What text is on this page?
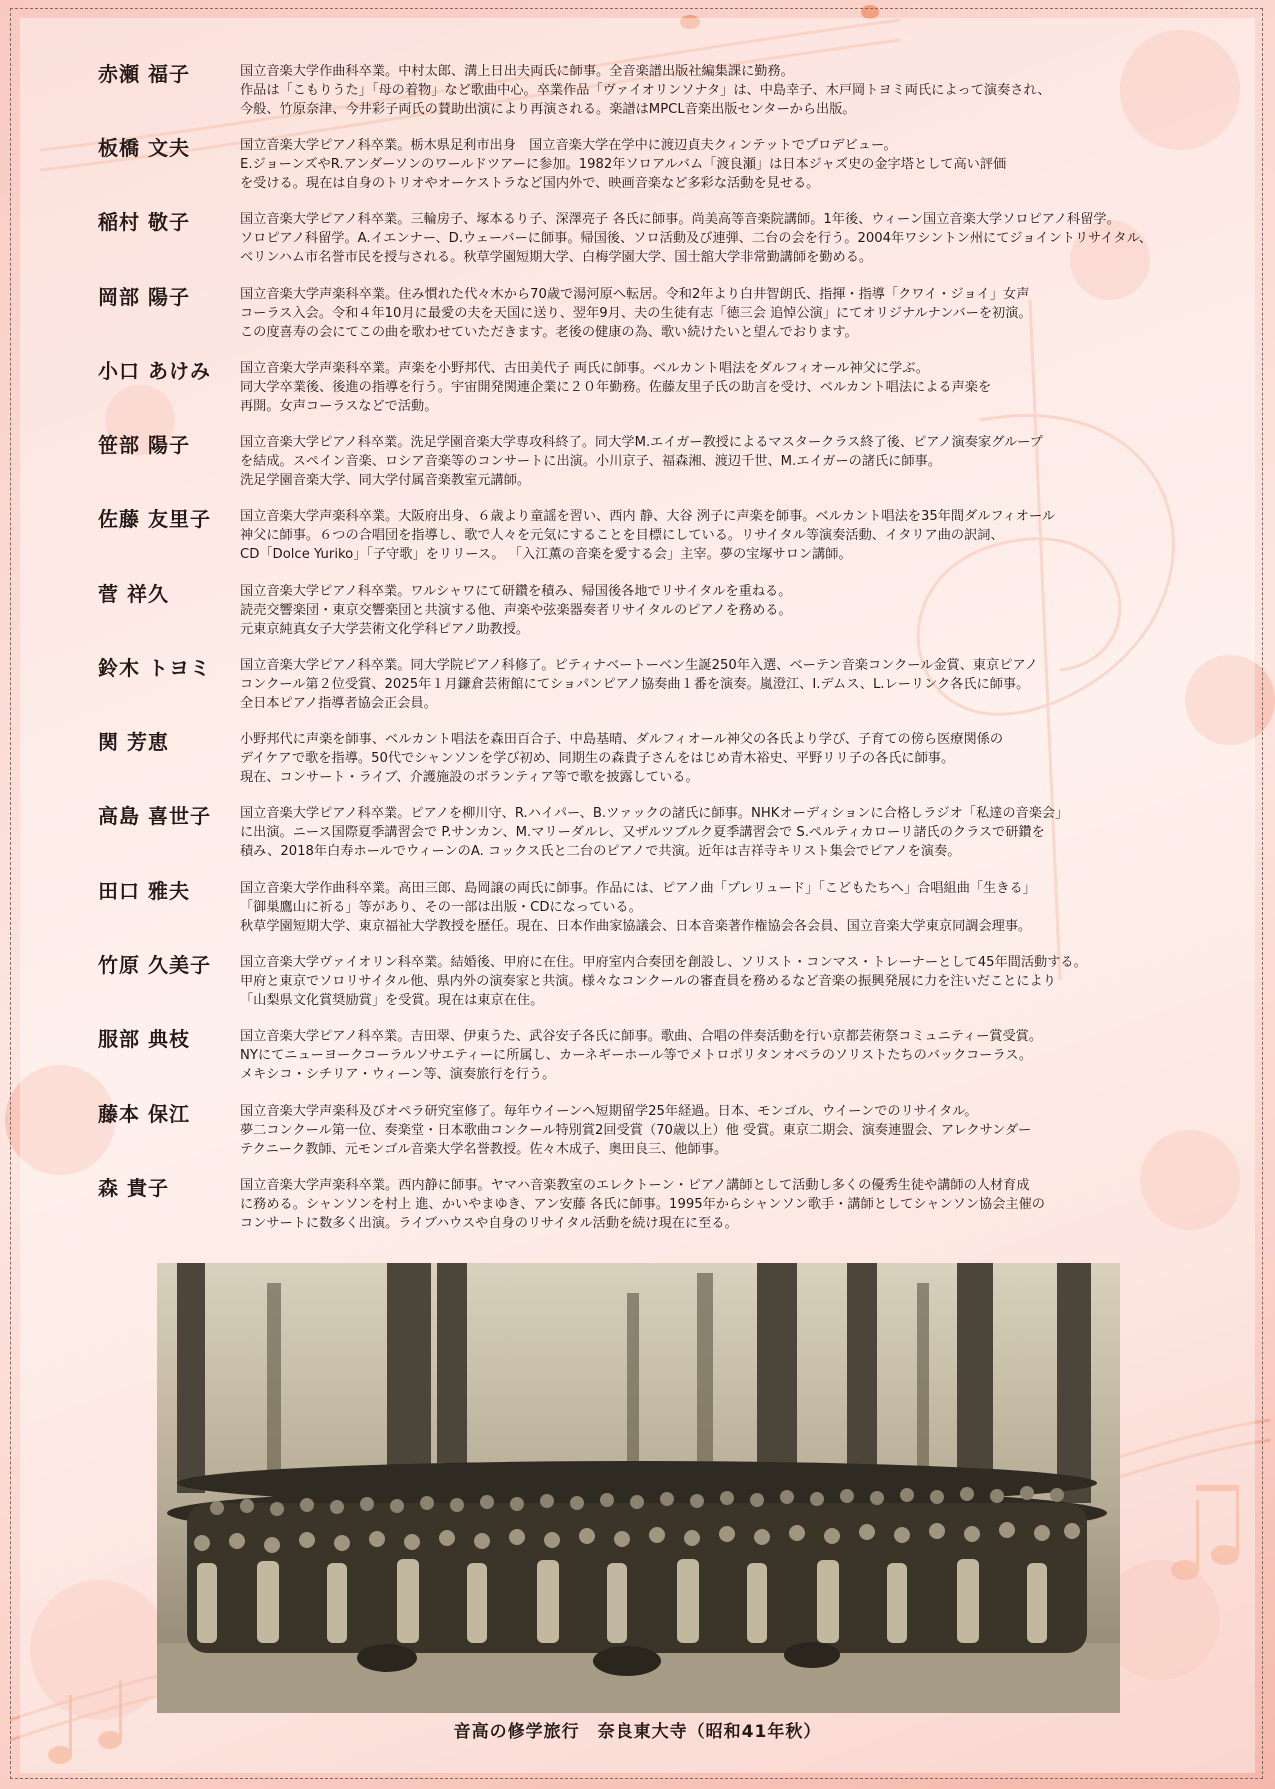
赤瀬 福子	国立音楽大学作曲科卒業。中村太郎、溝上日出夫両氏に師事。全音楽譜出版社編集課に勤務。
作品は「こもりうた」「母の着物」など歌曲中心。卒業作品「ヴァイオリンソナタ」は、中島幸子、木戸岡トヨミ両氏によって演奏され、
今般、竹原奈津、今井彩子両氏の賛助出演により再演される。楽譜はMPCL音楽出版センターから出版。
板橋 文夫	国立音楽大学ピアノ科卒業。栃木県足利市出身　国立音楽大学在学中に渡辺貞夫クィンテットでプロデビュー。
E.ジョーンズやR.アンダーソンのワールドツアーに参加。1982年ソロアルバム「渡良瀬」は日本ジャズ史の金字塔として高い評価
を受ける。現在は自身のトリオやオーケストラなど国内外で、映画音楽など多彩な活動を見せる。
稲村 敬子	国立音楽大学ピアノ科卒業。三輪房子、塚本るり子、深澤亮子 各氏に師事。尚美高等音楽院講師。1年後、ウィーン国立音楽大学ソロピアノ科留学。
ソロピアノ科留学。A.イエンナー、D.ウェーバーに師事。帰国後、ソロ活動及び連弾、二台の会を行う。2004年ワシントン州にてジョイントリサイタル、
ベリンハム市名誉市民を授与される。秋草学園短期大学、白梅学園大学、国士舘大学非常勤講師を勤める。
岡部 陽子	国立音楽大学声楽科卒業。住み慣れた代々木から70歳で湯河原へ転居。令和2年より白井智朗氏、指揮・指導「クワイ・ジョイ」女声
コーラス入会。令和４年10月に最愛の夫を天国に送り、翌年9月、夫の生徒有志「徳三会 追悼公演」にてオリジナルナンバーを初演。
この度喜寿の会にてこの曲を歌わせていただきます。老後の健康の為、歌い続けたいと望んでおります。
小口 あけみ	国立音楽大学声楽科卒業。声楽を小野邦代、古田美代子 両氏に師事。ベルカント唱法をダルフィオール神父に学ぶ。
同大学卒業後、後進の指導を行う。宇宙開発関連企業に２０年勤務。佐藤友里子氏の助言を受け、ベルカント唱法による声楽を
再開。女声コーラスなどで活動。
笹部 陽子	国立音楽大学ピアノ科卒業。洗足学園音楽大学専攻科終了。同大学M.エイガー教授によるマスタークラス終了後、ピアノ演奏家グループ
を結成。スペイン音楽、ロシア音楽等のコンサートに出演。小川京子、福森湘、渡辺千世、M.エイガーの諸氏に師事。
洗足学園音楽大学、同大学付属音楽教室元講師。
佐藤 友里子	国立音楽大学声楽科卒業。大阪府出身、６歳より童謡を習い、西内 静、大谷 洌子に声楽を師事。ベルカント唱法を35年間ダルフィオール
神父に師事。６つの合唱団を指導し、歌で人々を元気にすることを目標にしている。リサイタル等演奏活動、イタリア曲の訳詞、
CD「Dolce Yuriko」「子守歌」をリリース。 「入江薫の音楽を愛する会」主宰。夢の宝塚サロン講師。
菅 祥久	国立音楽大学ピアノ科卒業。ワルシャワにて研鑽を積み、帰国後各地でリサイタルを重ねる。
読売交響楽団・東京交響楽団と共演する他、声楽や弦楽器奏者リサイタルのピアノを務める。
元東京純真女子大学芸術文化学科ピアノ助教授。
鈴木 トヨミ	国立音楽大学ピアノ科卒業。同大学院ピアノ科修了。ピティナベートーベン生誕250年入選、ベーテン音楽コンクール金賞、東京ピアノ
コンクール第２位受賞、2025年１月鎌倉芸術館にてショパンピアノ協奏曲１番を演奏。嵐澄江、I.デムス、L.レーリンク各氏に師事。
全日本ピアノ指導者協会正会員。
関 芳恵	小野邦代に声楽を師事、ベルカント唱法を森田百合子、中島基晴、ダルフィオール神父の各氏より学び、子育ての傍ら医療関係の
デイケアで歌を指導。50代でシャンソンを学び初め、同期生の森貴子さんをはじめ青木裕史、平野リリ子の各氏に師事。
現在、コンサート・ライブ、介護施設のボランティア等で歌を披露している。
高島 喜世子	国立音楽大学ピアノ科卒業。ピアノを柳川守、R.ハイパー、B.ツァックの諸氏に師事。NHKオーディションに合格しラジオ「私達の音楽会」
に出演。ニース国際夏季講習会で P.サンカン、M.マリーダルレ、又ザルツブルク夏季講習会で S.ペルティカローリ諸氏のクラスで研鑽を
積み、2018年白寿ホールでウィーンのA. コックス氏と二台のピアノで共演。近年は吉祥寺キリスト集会でピアノを演奏。
田口 雅夫	国立音楽大学作曲科卒業。高田三郎、島岡譲の両氏に師事。作品には、ピアノ曲「プレリュード」「こどもたちへ」合唱組曲「生きる」
「御巣鷹山に祈る」等があり、その一部は出版・CDになっている。
秋草学園短期大学、東京福祉大学教授を歴任。現在、日本作曲家協議会、日本音楽著作権協会各会員、国立音楽大学東京同調会理事。
竹原 久美子	国立音楽大学ヴァイオリン科卒業。結婚後、甲府に在住。甲府室内合奏団を創設し、ソリスト・コンマス・トレーナーとして45年間活動する。
甲府と東京でソロリサイタル他、県内外の演奏家と共演。様々なコンクールの審査員を務めるなど音楽の振興発展に力を注いだことにより
「山梨県文化賞奨励賞」を受賞。現在は東京在住。
服部 典枝	国立音楽大学ピアノ科卒業。吉田翠、伊東うた、武谷安子各氏に師事。歌曲、合唱の伴奏活動を行い京都芸術祭コミュニティー賞受賞。
NYにてニューヨークコーラルソサエティーに所属し、カーネギーホール等でメトロポリタンオペラのソリストたちのバックコーラス。
メキシコ・シチリア・ウィーン等、演奏旅行を行う。
藤本 保江	国立音楽大学声楽科及びオペラ研究室修了。毎年ウイーンへ短期留学25年経過。日本、モンゴル、ウイーンでのリサイタル。
夢二コンクール第一位、奏楽堂・日本歌曲コンクール特別賞2回受賞（70歳以上）他 受賞。東京二期会、演奏連盟会、アレクサンダー
テクニーク教師、元モンゴル音楽大学名誉教授。佐々木成子、奥田良三、他師事。
森 貴子	国立音楽大学声楽科卒業。西内静に師事。ヤマハ音楽教室のエレクトーン・ピアノ講師として活動し多くの優秀生徒や講師の人材育成
に務める。シャンソンを村上 進、かいやまゆき、アン安藤 各氏に師事。1995年からシャンソン歌手・講師としてシャンソン協会主催の
コンサートに数多く出演。ライブハウスや自身のリサイタル活動を続け現在に至る。
音高の修学旅行　奈良東大寺（昭和41年秋）
